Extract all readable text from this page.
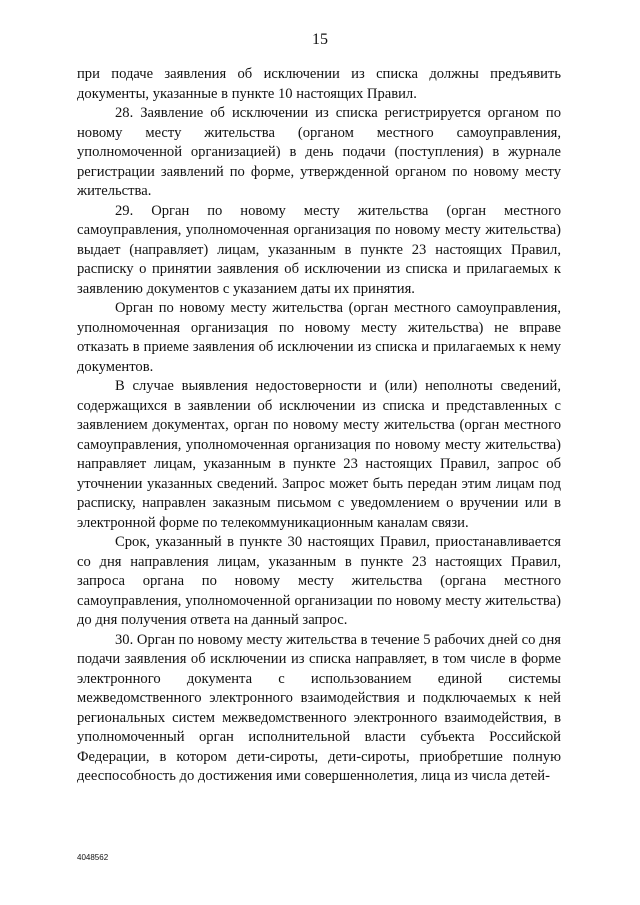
15

при подаче заявления об исключении из списка должны предъявить документы, указанные в пункте 10 настоящих Правил.

28. Заявление об исключении из списка регистрируется органом по новому месту жительства (органом местного самоуправления, уполномоченной организацией) в день подачи (поступления) в журнале регистрации заявлений по форме, утвержденной органом по новому месту жительства.

29. Орган по новому месту жительства (орган местного самоуправления, уполномоченная организация по новому месту жительства) выдает (направляет) лицам, указанным в пункте 23 настоящих Правил, расписку о принятии заявления об исключении из списка и прилагаемых к заявлению документов с указанием даты их принятия.

Орган по новому месту жительства (орган местного самоуправления, уполномоченная организация по новому месту жительства) не вправе отказать в приеме заявления об исключении из списка и прилагаемых к нему документов.

В случае выявления недостоверности и (или) неполноты сведений, содержащихся в заявлении об исключении из списка и представленных с заявлением документах, орган по новому месту жительства (орган местного самоуправления, уполномоченная организация по новому месту жительства) направляет лицам, указанным в пункте 23 настоящих Правил, запрос об уточнении указанных сведений. Запрос может быть передан этим лицам под расписку, направлен заказным письмом с уведомлением о вручении или в электронной форме по телекоммуникационным каналам связи.

Срок, указанный в пункте 30 настоящих Правил, приостанавливается со дня направления лицам, указанным в пункте 23 настоящих Правил, запроса органа по новому месту жительства (органа местного самоуправления, уполномоченной организации по новому месту жительства) до дня получения ответа на данный запрос.

30. Орган по новому месту жительства в течение 5 рабочих дней со дня подачи заявления об исключении из списка направляет, в том числе в форме электронного документа с использованием единой системы межведомственного электронного взаимодействия и подключаемых к ней региональных систем межведомственного электронного взаимодействия, в уполномоченный орган исполнительной власти субъекта Российской Федерации, в котором дети-сироты, дети-сироты, приобретшие полную дееспособность до достижения ими совершеннолетия, лица из числа детей-

4048562
